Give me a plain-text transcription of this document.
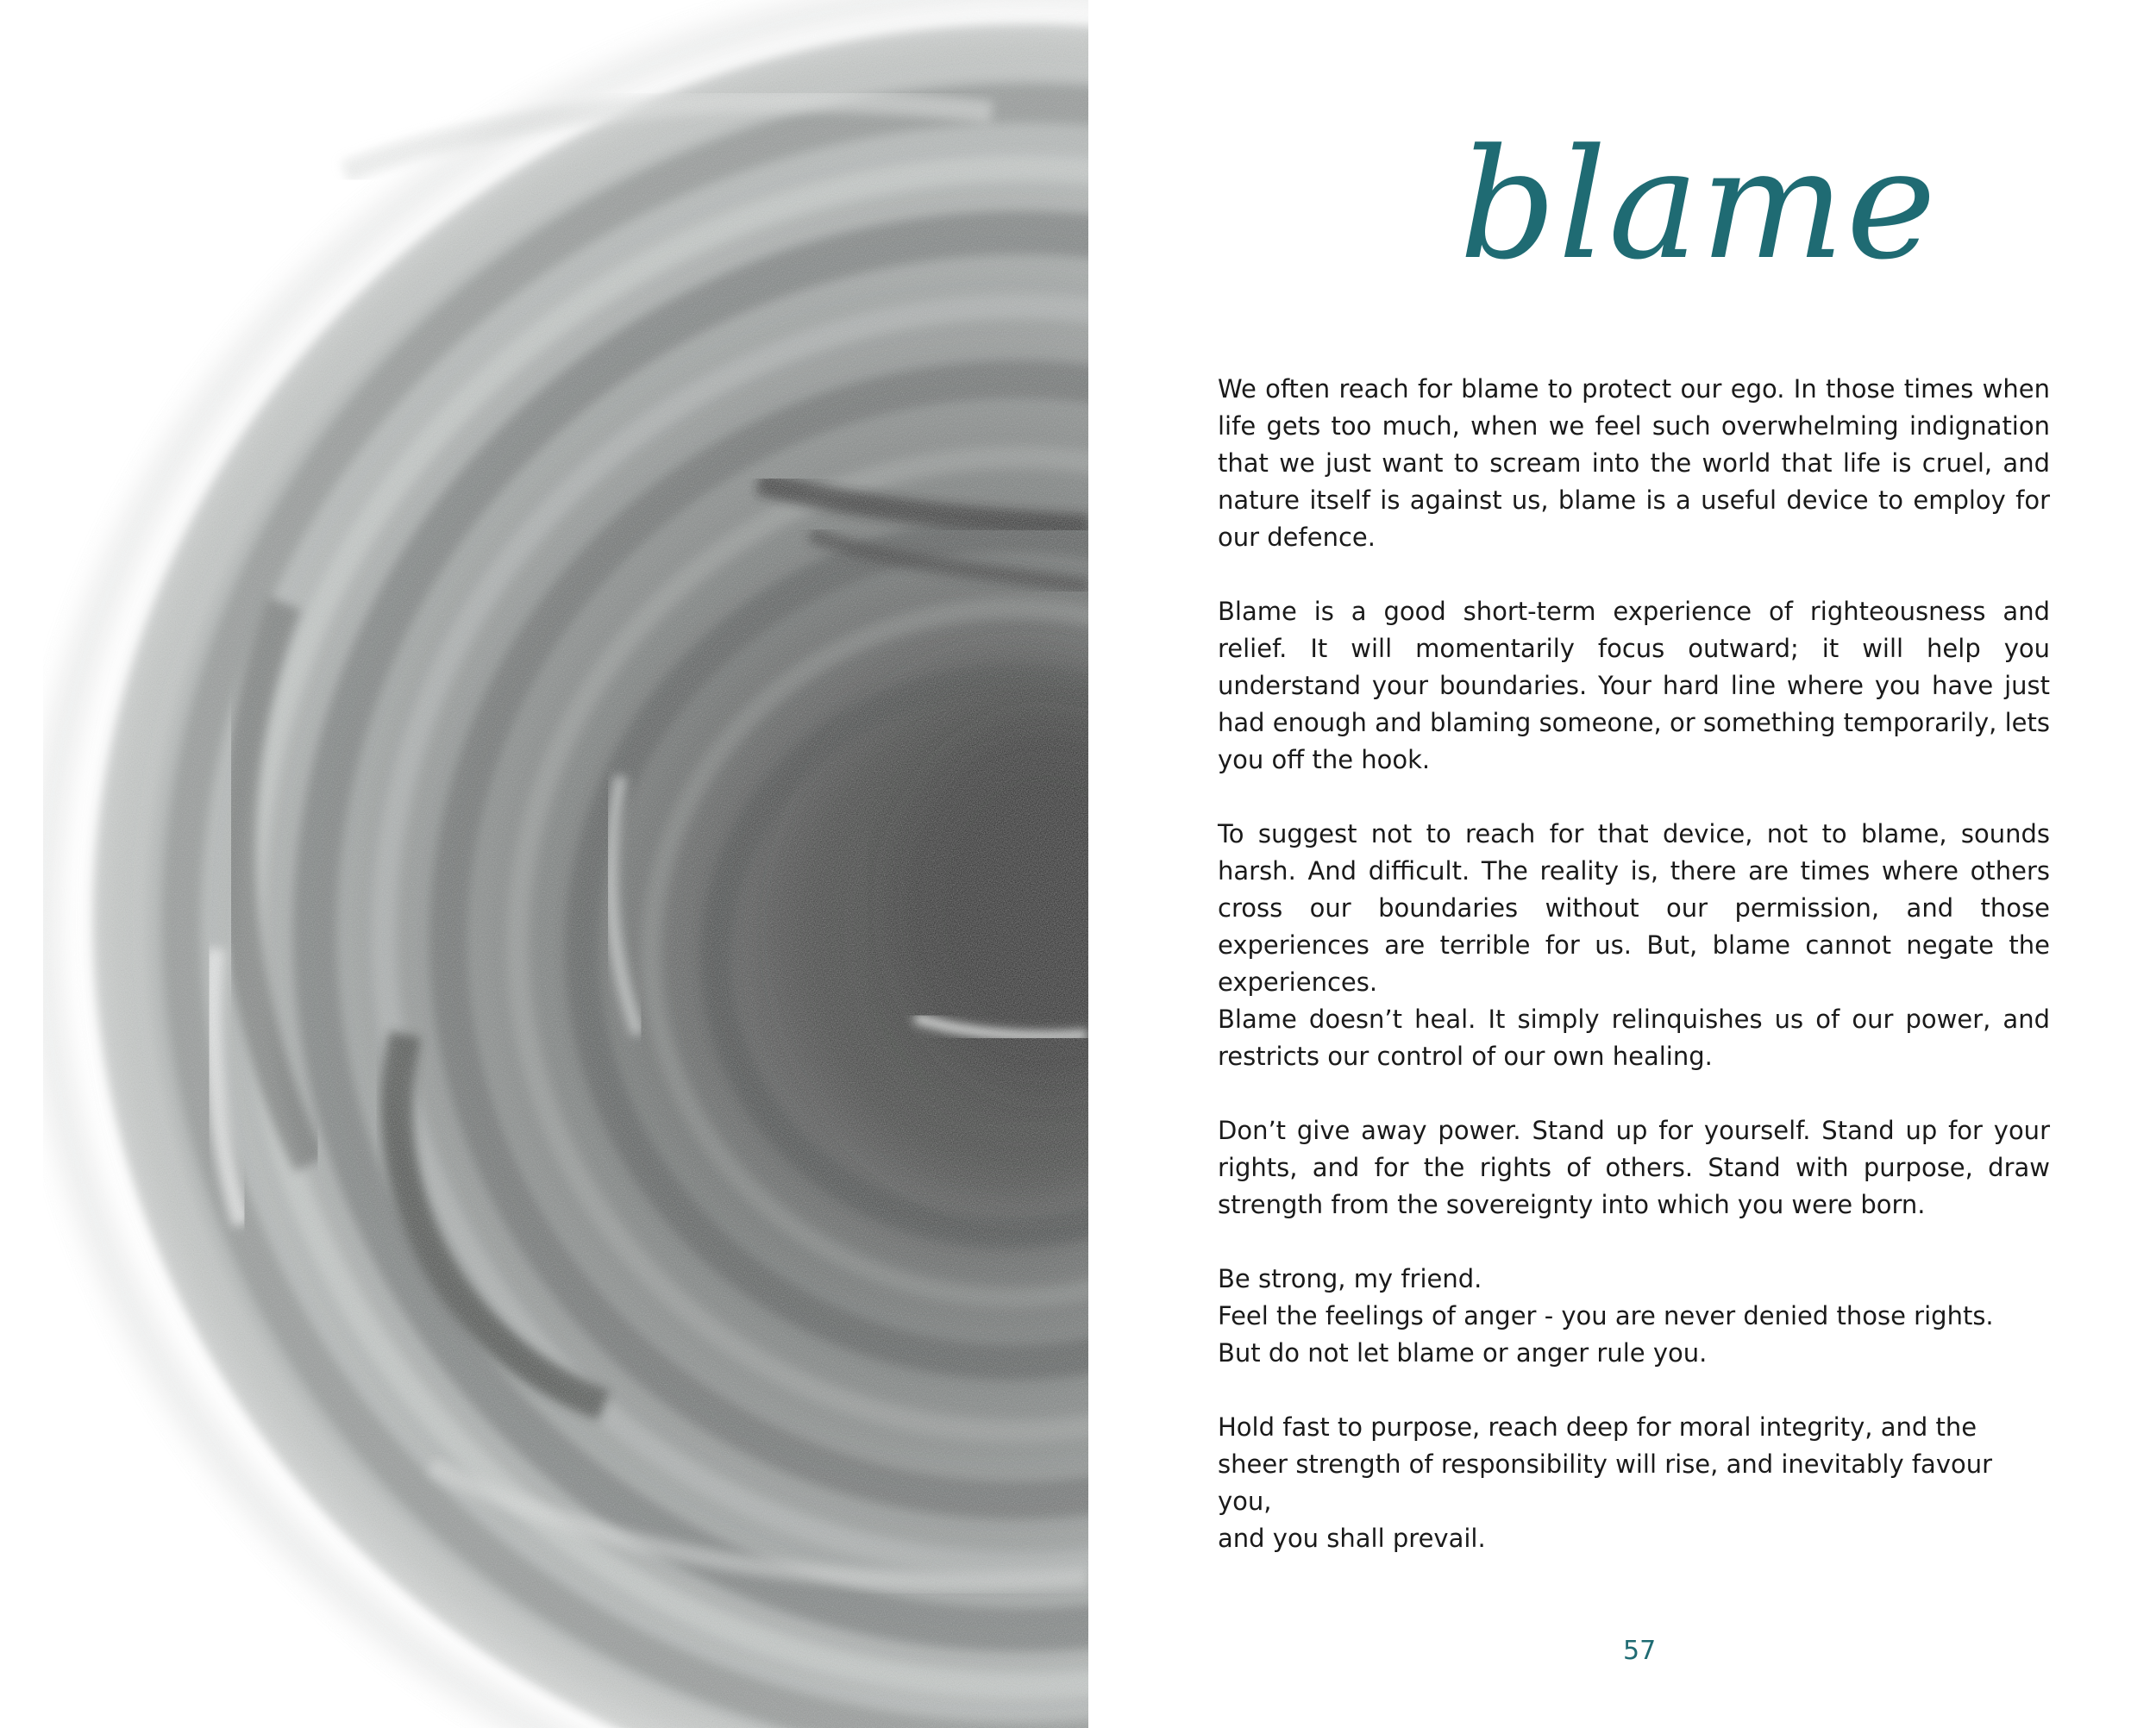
blame

We often reach for blame to protect our ego. In those times when life gets too much, when we feel such overwhelming indignation that we just want to scream into the world that life is cruel, and nature itself is against us, blame is a useful device to employ for our defence.

Blame is a good short-term experience of righteousness and relief. It will momentarily focus outward; it will help you understand your boundaries. Your hard line where you have just had enough and blaming someone, or something temporarily, lets you off the hook.

To suggest not to reach for that device, not to blame, sounds harsh. And difficult. The reality is, there are times where others cross our boundaries without our permission, and those experiences are terrible for us. But, blame cannot negate the experiences.
Blame doesn’t heal. It simply relinquishes us of our power, and restricts our control of our own healing.

Don’t give away power. Stand up for yourself. Stand up for your rights, and for the rights of others. Stand with purpose, draw strength from the sovereignty into which you were born.

Be strong, my friend.
Feel the feelings of anger - you are never denied those rights.
But do not let blame or anger rule you.

Hold fast to purpose, reach deep for moral integrity, and the sheer strength of responsibility will rise, and inevitably favour you,
and you shall prevail.

57
